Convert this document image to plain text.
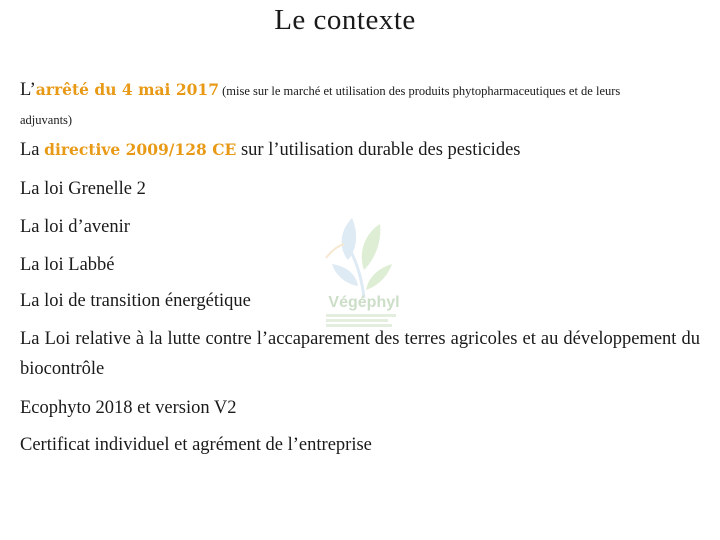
Le contexte
Végéphyl
L’arrêté du 4 mai 2017 (mise sur le marché et utilisation des produits phytopharmaceutiques et de leurs
adjuvants)
La directive 2009/128 CE sur l’utilisation durable des pesticides
La loi Grenelle 2
La loi d’avenir
La loi Labbé
La loi de transition énergétique
La Loi relative à la lutte contre l’accaparement des terres agricoles et au développement du
biocontrôle
Ecophyto 2018 et version V2
Certificat individuel et agrément de l’entreprise
